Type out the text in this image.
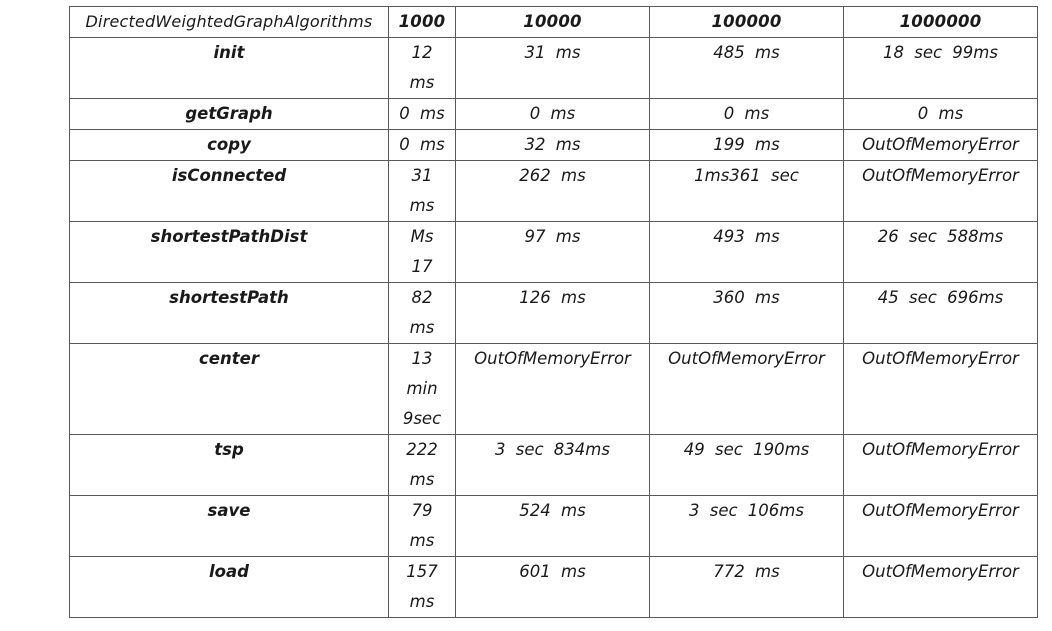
DirectedWeightedGraphAlgorithms	1000	10000	100000	1000000
init	12 ms	31 ms	485 ms	18 sec 99ms
getGraph	0 ms	0 ms	0 ms	0 ms
copy	0 ms	32 ms	199 ms	OutOfMemoryError
isConnected	31 ms	262 ms	1ms361 sec	OutOfMemoryError
shortestPathDist	Ms 17	97 ms	493 ms	26 sec 588ms
shortestPath	82 ms	126 ms	360 ms	45 sec 696ms
center	13 min 9sec	OutOfMemoryError	OutOfMemoryError	OutOfMemoryError
tsp	222 ms	3 sec 834ms	49 sec 190ms	OutOfMemoryError
save	79 ms	524 ms	3 sec 106ms	OutOfMemoryError
load	157 ms	601 ms	772 ms	OutOfMemoryError
